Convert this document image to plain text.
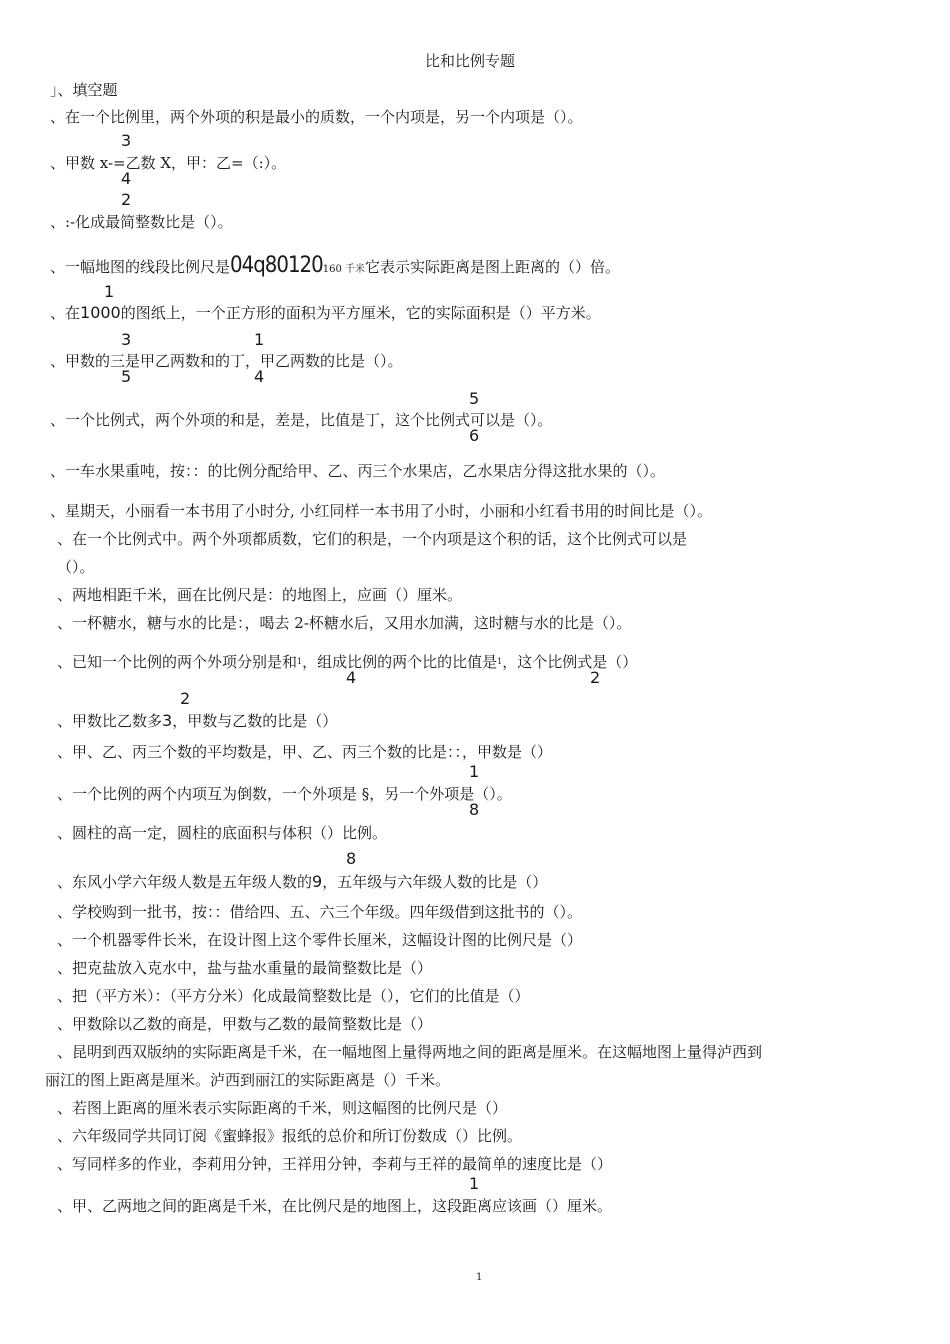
比和比例专题
」、填空题
、在一个比例里，两个外项的积是最小的质数，一个内项是，另一个内项是（）。
3
、甲数 x-=乙数 X，甲：乙=（:）。
4
2
、:-化成最简整数比是（）。
、一幅地图的线段比例尺是04q80120160 千米它表示实际距离是图上距离的（）倍。
1
、在1000的图纸上，一个正方形的面积为平方厘米，它的实际面积是（）平方米。
3	1
、甲数的三是甲乙两数和的丁，甲乙两数的比是（）。
5	4
5
、一个比例式，两个外项的和是，差是，比值是丁，这个比例式可以是（）。
6
、一车水果重吨，按：：的比例分配给甲、乙、丙三个水果店，乙水果店分得这批水果的（）。
、星期天，小丽看一本书用了小时分, 小红同样一本书用了小时，小丽和小红看书用的时间比是（）。
、在一个比例式中。两个外项都质数，它们的积是，一个内项是这个积的话，这个比例式可以是
（）。
、两地相距千米，画在比例尺是：的地图上，应画（）厘米。
、一杯糖水，糖与水的比是：，喝去 2-杯糖水后，又用水加满，这时糖与水的比是（）。
、已知一个比例的两个外项分别是和$^1$，组成比例的两个比的比值是$^1$，这个比例式是（）
4	2
2
、甲数比乙数多3，甲数与乙数的比是（）
、甲、乙、丙三个数的平均数是，甲、乙、丙三个数的比是：：，甲数是（）
1
、一个比例的两个内项互为倒数，一个外项是 §，另一个外项是（）。
8
、圆柱的高一定，圆柱的底面积与体积（）比例。
8
、东风小学六年级人数是五年级人数的9，五年级与六年级人数的比是（）
、学校购到一批书，按：：借给四、五、六三个年级。四年级借到这批书的（）。
、一个机器零件长米，在设计图上这个零件长厘米，这幅设计图的比例尺是（）
、把克盐放入克水中，盐与盐水重量的最简整数比是（）
、把（平方米）：（平方分米）化成最简整数比是（），它们的比值是（）
、甲数除以乙数的商是，甲数与乙数的最简整数比是（）
、昆明到西双版纳的实际距离是千米，在一幅地图上量得两地之间的距离是厘米。在这幅地图上量得泸西到
丽江的图上距离是厘米。泸西到丽江的实际距离是（）千米。
、若图上距离的厘米表示实际距离的千米，则这幅图的比例尺是（）
、六年级同学共同订阅《蜜蜂报》报纸的总价和所订份数成（）比例。
、写同样多的作业，李莉用分钟，王祥用分钟，李莉与王祥的最简单的速度比是（）
1
、甲、乙两地之间的距离是千米，在比例尺是的地图上，这段距离应该画（）厘米。
1
